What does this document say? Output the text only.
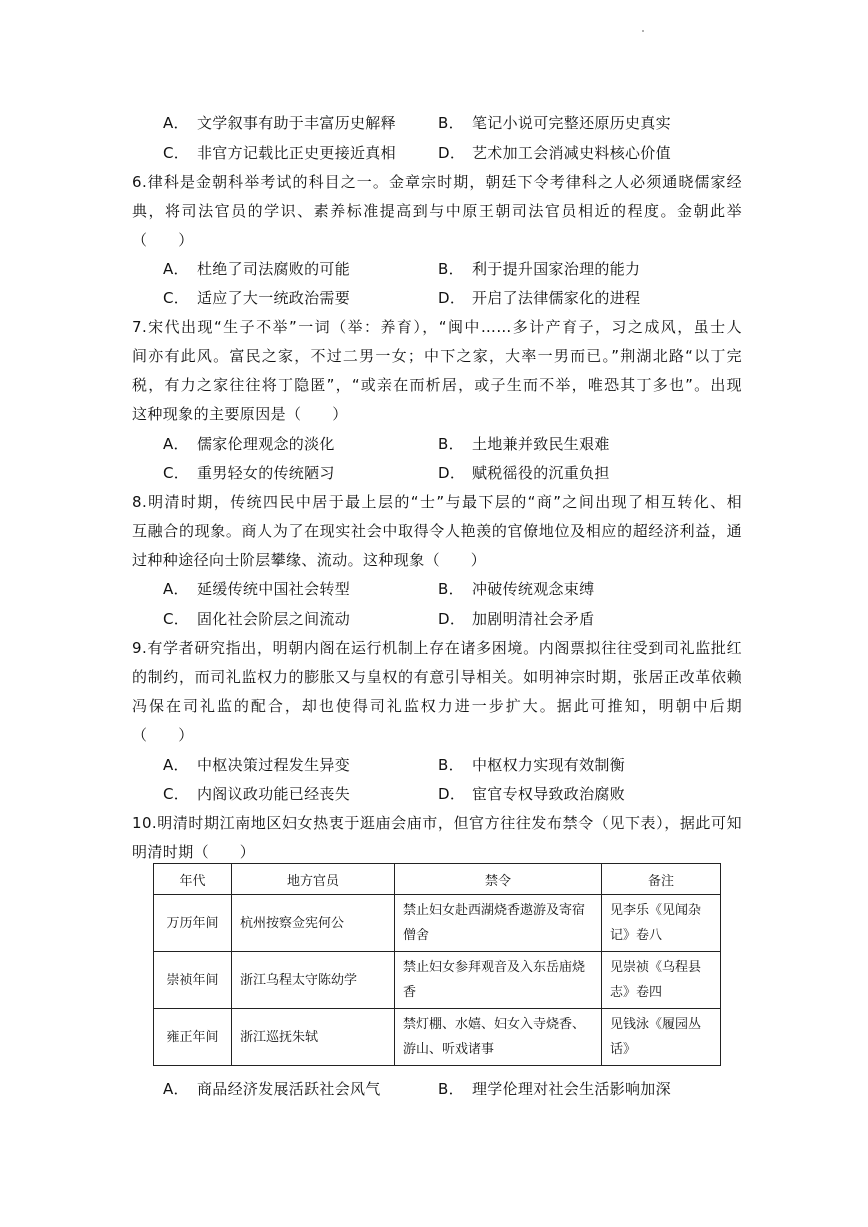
A． 文学叙事有助于丰富历史解释	B． 笔记小说可完整还原历史真实
C． 非官方记载比正史更接近真相	D． 艺术加工会消减史料核心价值
6.律科是金朝科举考试的科目之一。金章宗时期，朝廷下令考律科之人必须通晓儒家经
典，将司法官员的学识、素养标准提高到与中原王朝司法官员相近的程度。金朝此举
（　　）
A． 杜绝了司法腐败的可能	B． 利于提升国家治理的能力
C． 适应了大一统政治需要	D． 开启了法律儒家化的进程
7.宋代出现“生子不举”一词（举：养育），“闽中……多计产育子，习之成风，虽士人
间亦有此风。富民之家，不过二男一女；中下之家，大率一男而已。”荆湖北路“以丁完
税，有力之家往往将丁隐匿”，“或亲在而析居，或子生而不举，唯恐其丁多也”。出现
这种现象的主要原因是（　　）
A． 儒家伦理观念的淡化	B． 土地兼并致民生艰难
C． 重男轻女的传统陋习	D． 赋税徭役的沉重负担
8.明清时期，传统四民中居于最上层的“士”与最下层的“商”之间出现了相互转化、相
互融合的现象。商人为了在现实社会中取得令人艳羡的官僚地位及相应的超经济利益，通
过种种途径向士阶层攀缘、流动。这种现象（　　）
A． 延缓传统中国社会转型	B． 冲破传统观念束缚
C． 固化社会阶层之间流动	D． 加剧明清社会矛盾
9.有学者研究指出，明朝内阁在运行机制上存在诸多困境。内阁票拟往往受到司礼监批红
的制约，而司礼监权力的膨胀又与皇权的有意引导相关。如明神宗时期，张居正改革依赖
冯保在司礼监的配合，却也使得司礼监权力进一步扩大。据此可推知，明朝中后期
（　　）
A． 中枢决策过程发生异变	B． 中枢权力实现有效制衡
C． 内阁议政功能已经丧失	D． 宦官专权导致政治腐败
10.明清时期江南地区妇女热衷于逛庙会庙市，但官方往往发布禁令（见下表），据此可知
明清时期（　　）
年代	地方官员	禁令	备注
万历年间	杭州按察佥宪何公	禁止妇女赴西湖烧香遨游及寄宿僧舍	见李乐《见闻杂记》卷八
崇祯年间	浙江乌程太守陈幼学	禁止妇女参拜观音及入东岳庙烧香	见崇祯《乌程县志》卷四
雍正年间	浙江巡抚朱轼	禁灯棚、水嬉、妇女入寺烧香、游山、听戏诸事	见钱泳《履园丛话》
A． 商品经济发展活跃社会风气	B． 理学伦理对社会生活影响加深
